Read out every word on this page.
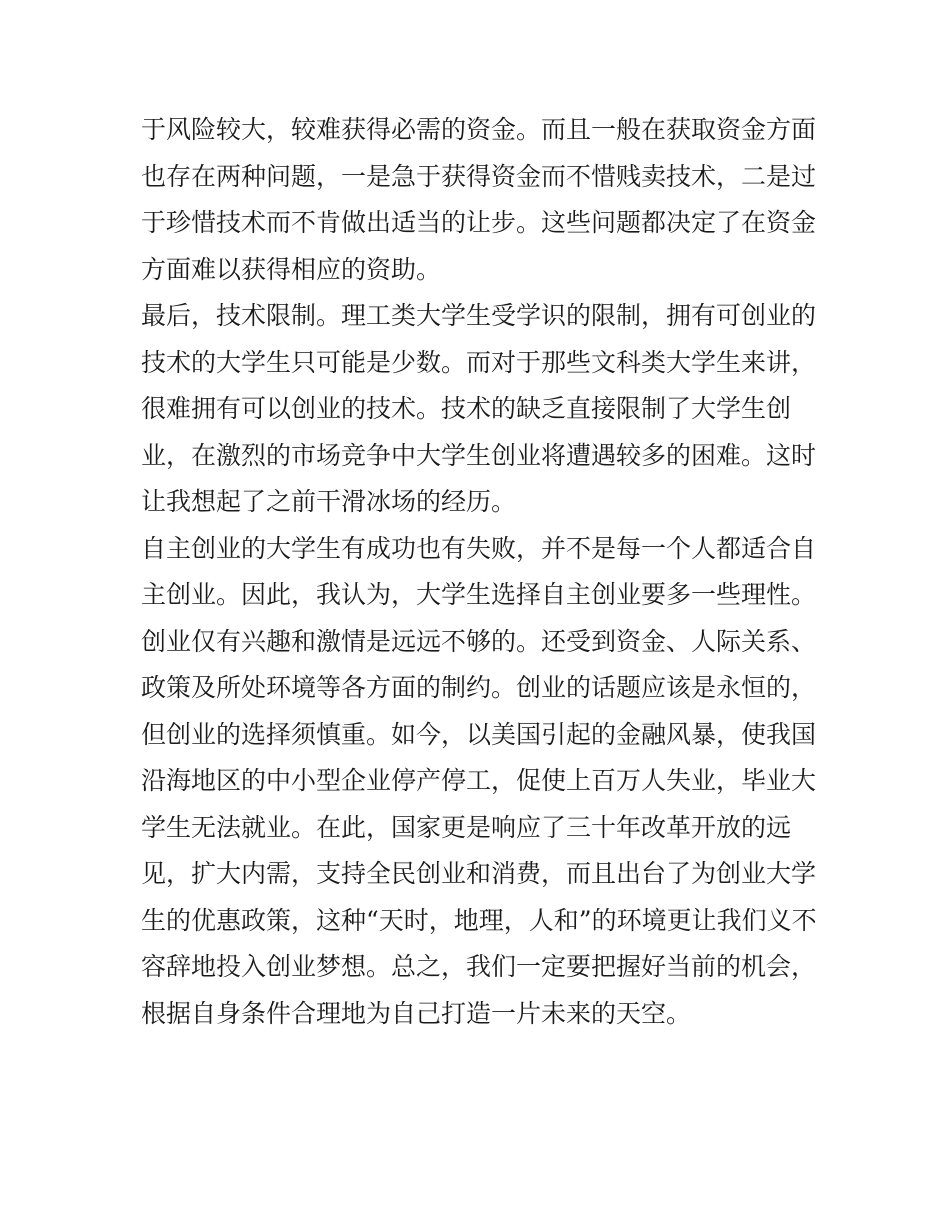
于风险较大，较难获得必需的资金。而且一般在获取资金方面
也存在两种问题，一是急于获得资金而不惜贱卖技术，二是过
于珍惜技术而不肯做出适当的让步。这些问题都决定了在资金
方面难以获得相应的资助。
最后，技术限制。理工类大学生受学识的限制，拥有可创业的
技术的大学生只可能是少数。而对于那些文科类大学生来讲，
很难拥有可以创业的技术。技术的缺乏直接限制了大学生创
业，在激烈的市场竞争中大学生创业将遭遇较多的困难。这时
让我想起了之前干滑冰场的经历。
自主创业的大学生有成功也有失败，并不是每一个人都适合自
主创业。因此，我认为，大学生选择自主创业要多一些理性。
创业仅有兴趣和激情是远远不够的。还受到资金、人际关系、
政策及所处环境等各方面的制约。创业的话题应该是永恒的，
但创业的选择须慎重。如今，以美国引起的金融风暴，使我国
沿海地区的中小型企业停产停工，促使上百万人失业，毕业大
学生无法就业。在此，国家更是响应了三十年改革开放的远
见，扩大内需，支持全民创业和消费，而且出台了为创业大学
生的优惠政策，这种“天时，地理，人和”的环境更让我们义不
容辞地投入创业梦想。总之，我们一定要把握好当前的机会，
根据自身条件合理地为自己打造一片未来的天空。
